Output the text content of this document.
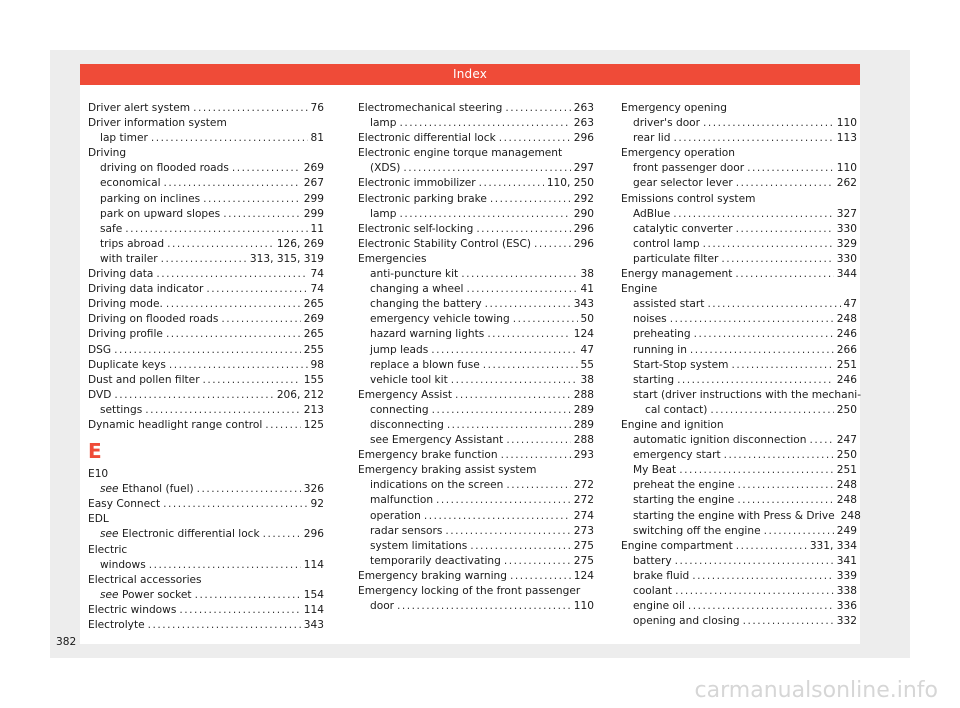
Index
Driver alert system .....	76
Driver information system
lap timer .....	81
Driving
driving on flooded roads .....	269
economical .....	267
parking on inclines .....	299
park on upward slopes .....	299
safe .....	11
trips abroad .....	126, 269
with trailer .....	313, 315, 319
Driving data .....	74
Driving data indicator .....	74
Driving mode. .....	265
Driving on flooded roads .....	269
Driving profile .....	265
DSG .....	255
Duplicate keys .....	98
Dust and pollen filter .....	155
DVD .....	206, 212
settings .....	213
Dynamic headlight range control .....	125
E
E10
see Ethanol (fuel) .....	326
Easy Connect .....	92
EDL
see Electronic differential lock .....	296
Electric
windows .....	114
Electrical accessories
see Power socket .....	154
Electric windows .....	114
Electrolyte .....	343
Electromechanical steering .....	263
lamp .....	263
Electronic differential lock .....	296
Electronic engine torque management
(XDS) .....	297
Electronic immobilizer .....	110, 250
Electronic parking brake .....	292
lamp .....	290
Electronic self-locking .....	296
Electronic Stability Control (ESC) .....	296
Emergencies
anti-puncture kit .....	38
changing a wheel .....	41
changing the battery .....	343
emergency vehicle towing .....	50
hazard warning lights .....	124
jump leads .....	47
replace a blown fuse .....	55
vehicle tool kit .....	38
Emergency Assist .....	288
connecting .....	289
disconnecting .....	289
see Emergency Assistant .....	288
Emergency brake function .....	293
Emergency braking assist system
indications on the screen .....	272
malfunction .....	272
operation .....	274
radar sensors .....	273
system limitations .....	275
temporarily deactivating .....	275
Emergency braking warning .....	124
Emergency locking of the front passenger
door .....	110
Emergency opening
driver's door .....	110
rear lid .....	113
Emergency operation
front passenger door .....	110
gear selector lever .....	262
Emissions control system
AdBlue .....	327
catalytic converter .....	330
control lamp .....	329
particulate filter .....	330
Energy management .....	344
Engine
assisted start .....	47
noises .....	248
preheating .....	246
running in .....	266
Start-Stop system .....	251
starting .....	246
start (driver instructions with the mechani-
cal contact) .....	250
Engine and ignition
automatic ignition disconnection .....	247
emergency start .....	250
My Beat .....	251
preheat the engine .....	248
starting the engine .....	248
starting the engine with Press & Drive 248
switching off the engine .....	249
Engine compartment .....	331, 334
battery .....	341
brake fluid .....	339
coolant .....	338
engine oil .....	336
opening and closing .....	332
382
carmanualsonline.info
